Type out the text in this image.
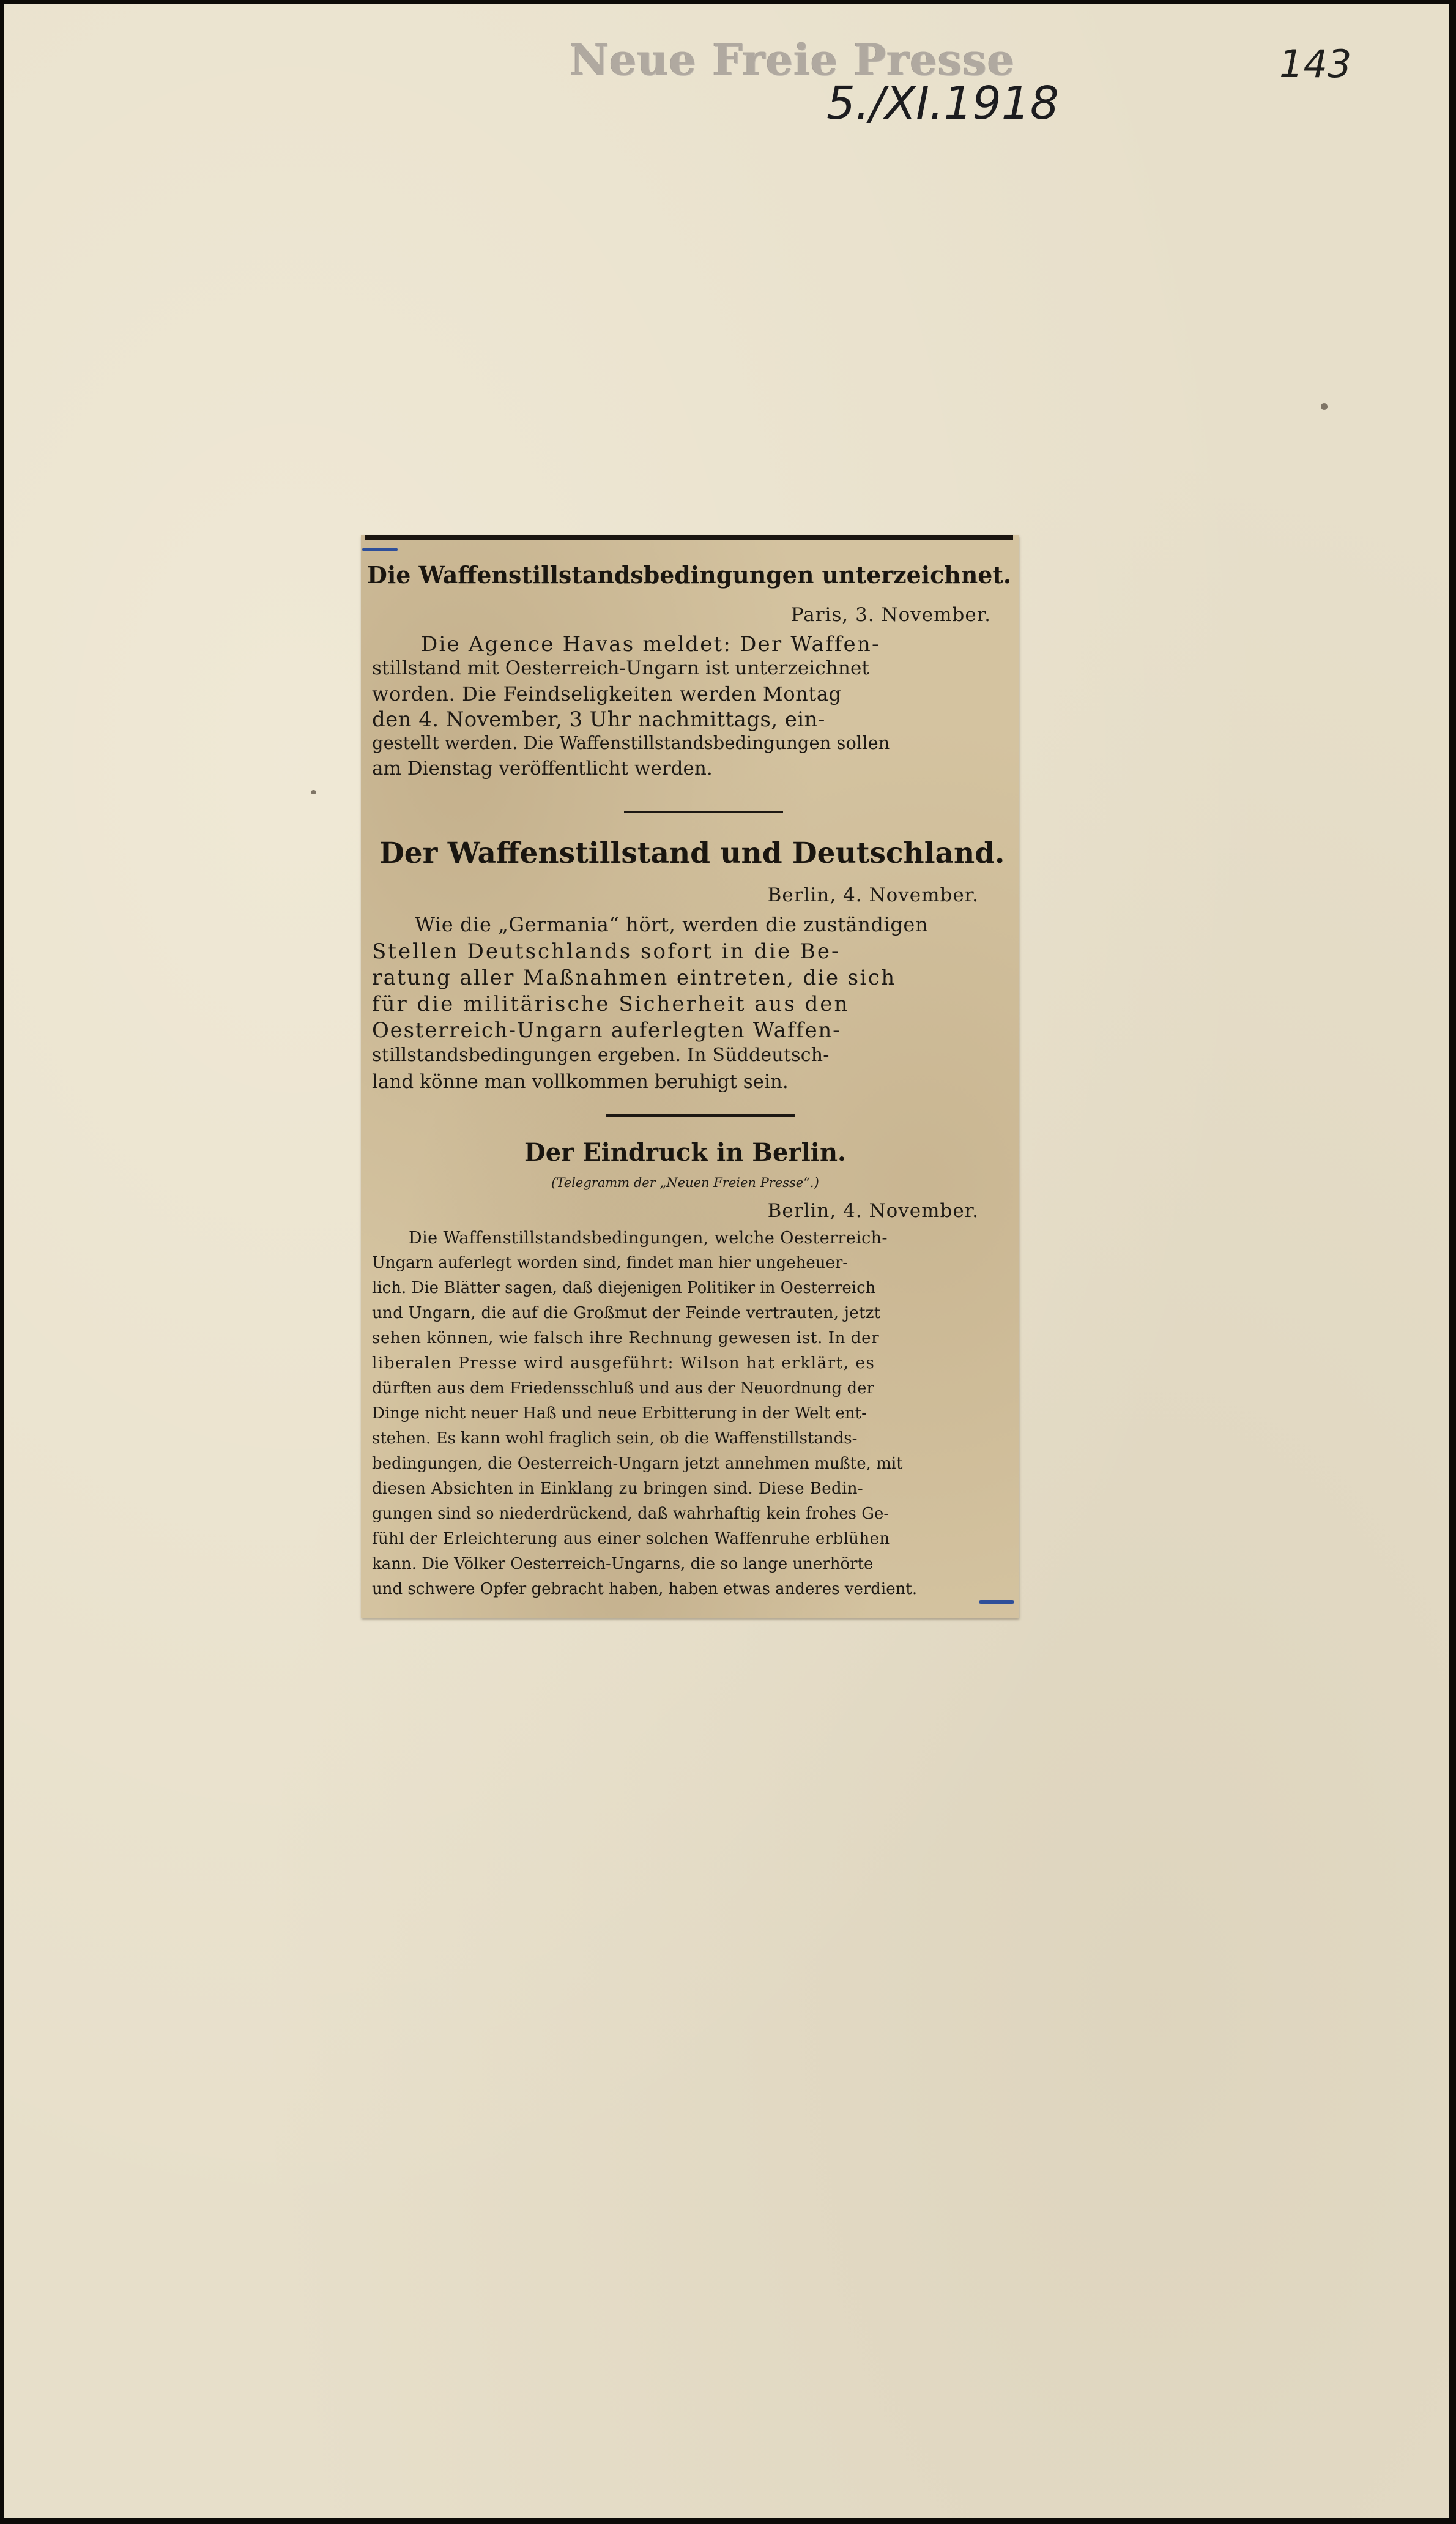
Neue Freie Presse
5./XI.1918
143
Die Waffenstillstandsbedingungen unterzeichnet.
Paris, 3. November.

Die Agence Havas meldet: Der Waffen-

stillstand mit Oesterreich-Ungarn ist unterzeichnet

worden. Die Feindseligkeiten werden Montag

den 4. November, 3 Uhr nachmittags, ein-

gestellt werden. Die Waffenstillstandsbedingungen sollen

am Dienstag veröffentlicht werden.

Der Waffenstillstand und Deutschland.
Berlin, 4. November.

Wie die „Germania“ hört, werden die zuständigen

Stellen Deutschlands sofort in die Be-

ratung aller Maßnahmen eintreten, die sich

für die militärische Sicherheit aus den

Oesterreich-Ungarn auferlegten Waffen-

stillstandsbedingungen ergeben. In Süddeutsch-

land könne man vollkommen beruhigt sein.

Der Eindruck in Berlin.
(Telegramm der „Neuen Freien Presse“.)
Berlin, 4. November.

Die Waffenstillstandsbedingungen, welche Oesterreich-

Ungarn auferlegt worden sind, findet man hier ungeheuer-

lich. Die Blätter sagen, daß diejenigen Politiker in Oesterreich

und Ungarn, die auf die Großmut der Feinde vertrauten, jetzt

sehen können, wie falsch ihre Rechnung gewesen ist. In der

liberalen Presse wird ausgeführt: Wilson hat erklärt, es

dürften aus dem Friedensschluß und aus der Neuordnung der

Dinge nicht neuer Haß und neue Erbitterung in der Welt ent-

stehen. Es kann wohl fraglich sein, ob die Waffenstillstands-

bedingungen, die Oesterreich-Ungarn jetzt annehmen mußte, mit

diesen Absichten in Einklang zu bringen sind. Diese Bedin-

gungen sind so niederdrückend, daß wahrhaftig kein frohes Ge-

fühl der Erleichterung aus einer solchen Waffenruhe erblühen

kann. Die Völker Oesterreich-Ungarns, die so lange unerhörte

und schwere Opfer gebracht haben, haben etwas anderes verdient.
